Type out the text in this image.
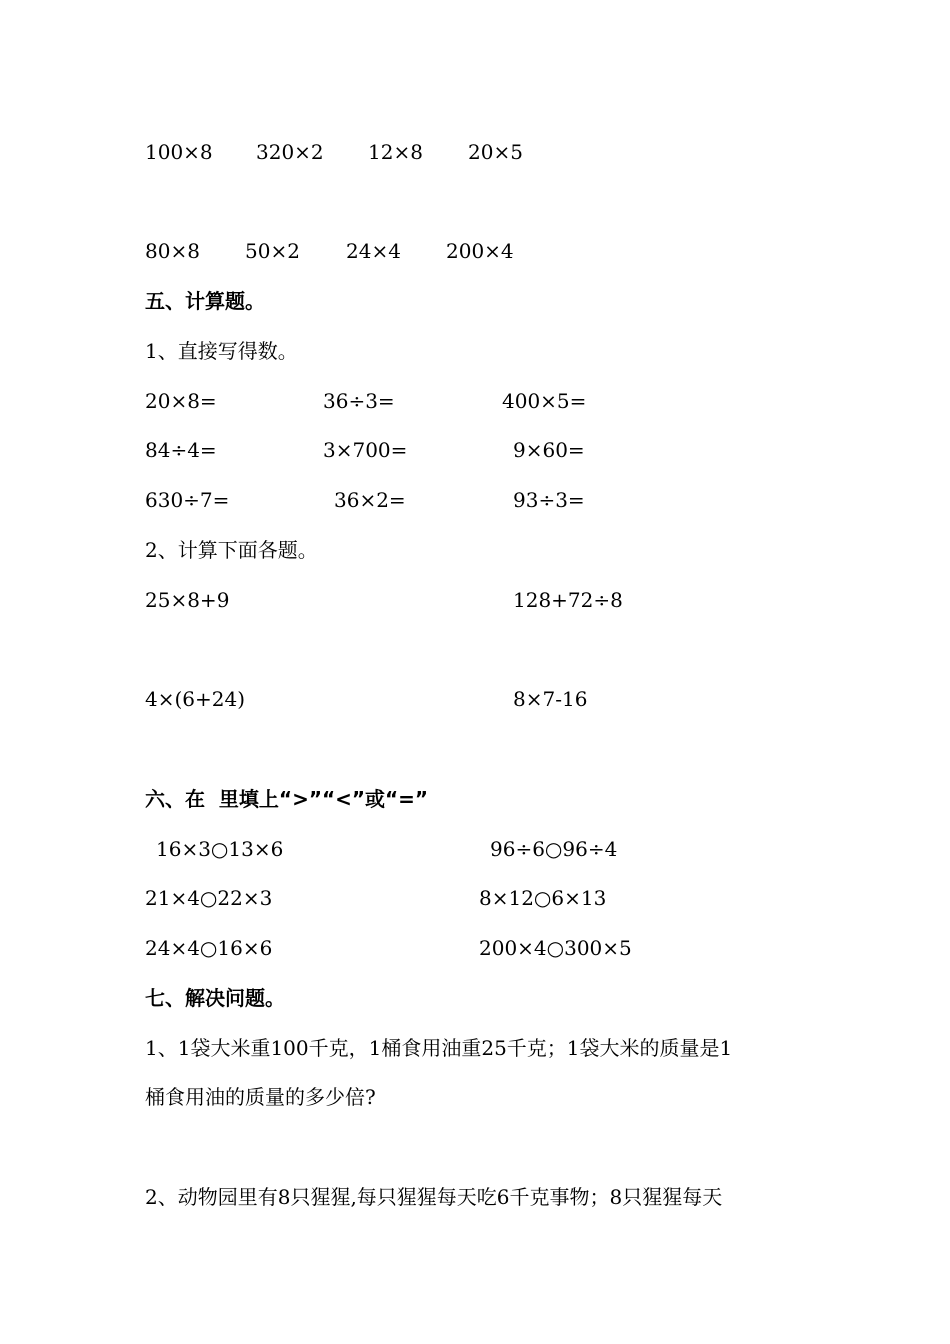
100×8 320×2 12×8 20×5
80×8 50×2 24×4 200×4
五、计算题。
1、直接写得数。
20×8=	36÷3=	400×5=
84÷4=	3×700=	9×60=
630÷7=	36×2=	93÷3=
2、计算下面各题。
25×8+9	128+72÷8
4×(6+24)	8×7-16
六、在  里填上“>”“<”或“=”
16×3○13×6	96÷6○96÷4
21×4○22×3	8×12○6×13
24×4○16×6	200×4○300×5
七、解决问题。
1、1袋大米重100千克，1桶食用油重25千克；1袋大米的质量是1
桶食用油的质量的多少倍?
2、动物园里有8只猩猩,每只猩猩每天吃6千克事物；8只猩猩每天
